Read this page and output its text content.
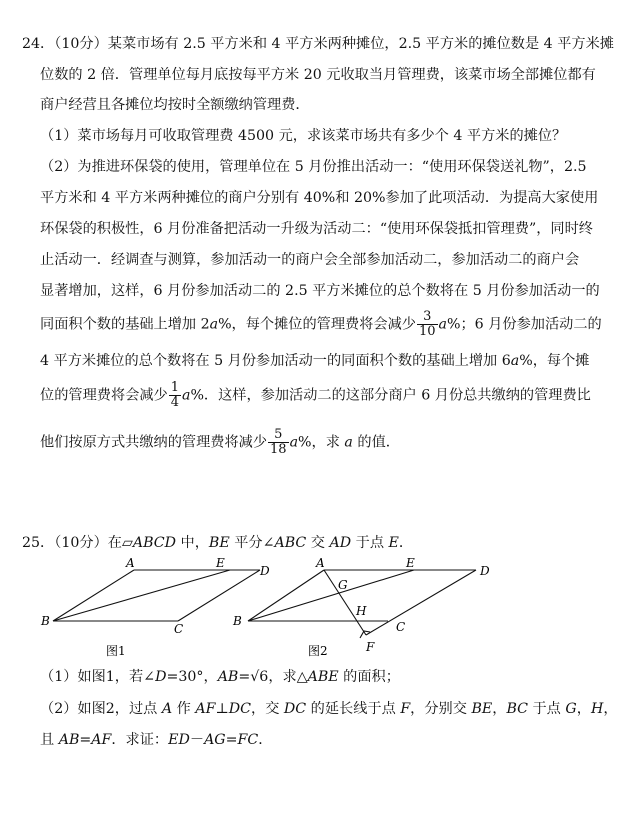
24．（10分）某菜市场有 2.5 平方米和 4 平方米两种摊位，2.5 平方米的摊位数是 4 平方米摊
位数的 2 倍．管理单位每月底按每平方米 20 元收取当月管理费，该菜市场全部摊位都有
商户经营且各摊位均按时全额缴纳管理费．
（1）菜市场每月可收取管理费 4500 元，求该菜市场共有多少个 4 平方米的摊位？
（2）为推进环保袋的使用，管理单位在 5 月份推出活动一：“使用环保袋送礼物”，2.5
平方米和 4 平方米两种摊位的商户分别有 40%和 20%参加了此项活动．为提高大家使用
环保袋的积极性，6 月份准备把活动一升级为活动二：“使用环保袋抵扣管理费”，同时终
止活动一．经调查与测算，参加活动一的商户会全部参加活动二，参加活动二的商户会
显著增加，这样，6 月份参加活动二的 2.5 平方米摊位的总个数将在 5 月份参加活动一的
同面积个数的基础上增加 2a%，每个摊位的管理费将会减少 $\frac{3}{10} a\%$；6 月份参加活动二的
4 平方米摊位的总个数将在 5 月份参加活动一的同面积个数的基础上增加 6a%，每个摊
位的管理费将会减少 $\frac{1}{4} a\%$．这样，参加活动二的这部分商户 6 月份总共缴纳的管理费比
他们按原方式共缴纳的管理费将减少 $\frac{5}{18} a\%$，求 a 的值．
25．（10分）在▱ABCD 中，BE 平分∠ABC 交 AD 于点 E．
A	E
D
B
C
图1
A	E
D
G
H
B	C
F
图2
（1）如图1，若∠D=30°，AB=√6，求△ABE 的面积；
（2）如图2，过点 A 作 AF⊥DC，交 DC 的延长线于点 F，分别交 BE，BC 于点 G，H，
且 AB=AF．求证：ED－AG=FC．
